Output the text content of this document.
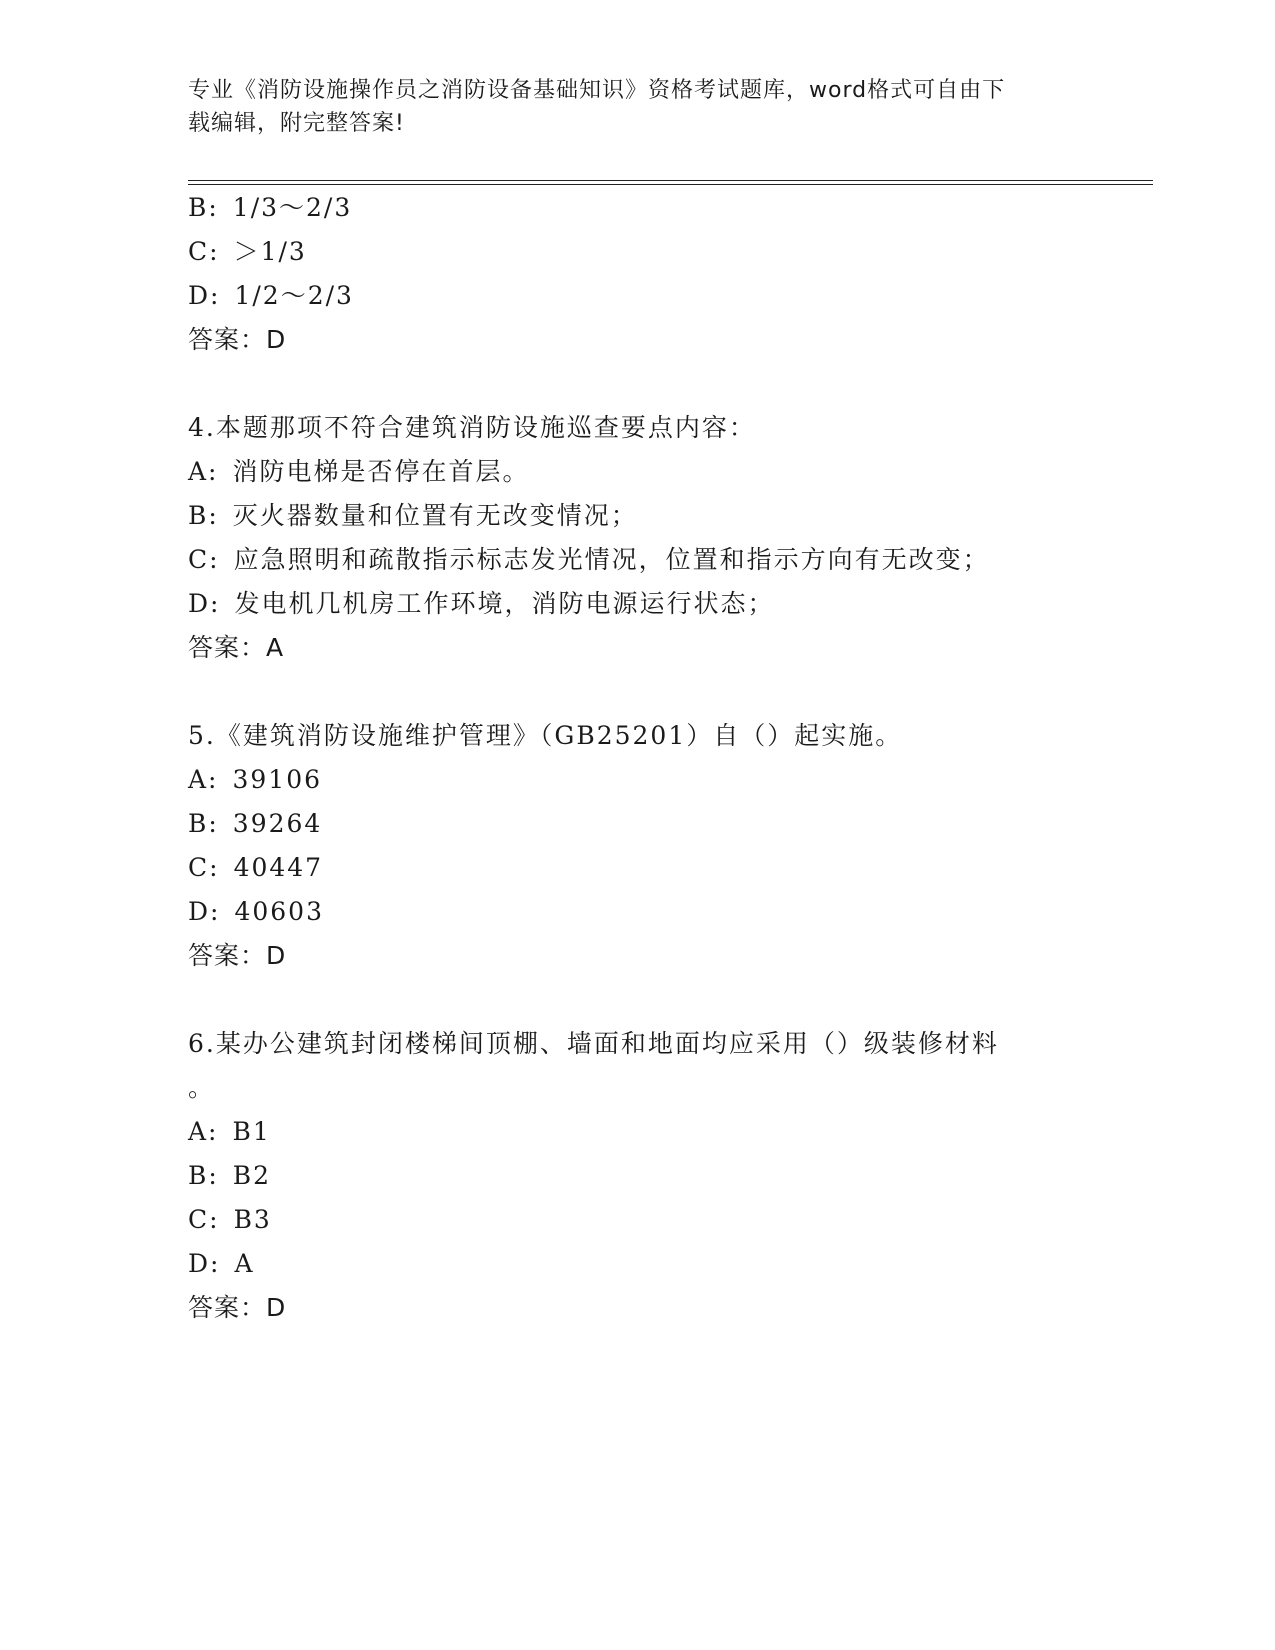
专业《消防设施操作员之消防设备基础知识》资格考试题库，word格式可自由下
载编辑，附完整答案!
B: 1/3～2/3
C: ＞1/3
D: 1/2～2/3
答案：D
4.本题那项不符合建筑消防设施巡查要点内容：
A: 消防电梯是否停在首层。
B: 灭火器数量和位置有无改变情况；
C: 应急照明和疏散指示标志发光情况，位置和指示方向有无改变；
D: 发电机几机房工作环境，消防电源运行状态；
答案：A
5.《建筑消防设施维护管理》（GB25201）自（）起实施。
A: 39106
B: 39264
C: 40447
D: 40603
答案：D
6.某办公建筑封闭楼梯间顶棚、墙面和地面均应采用（）级装修材料
。
A: B1
B: B2
C: B3
D: A
答案：D
